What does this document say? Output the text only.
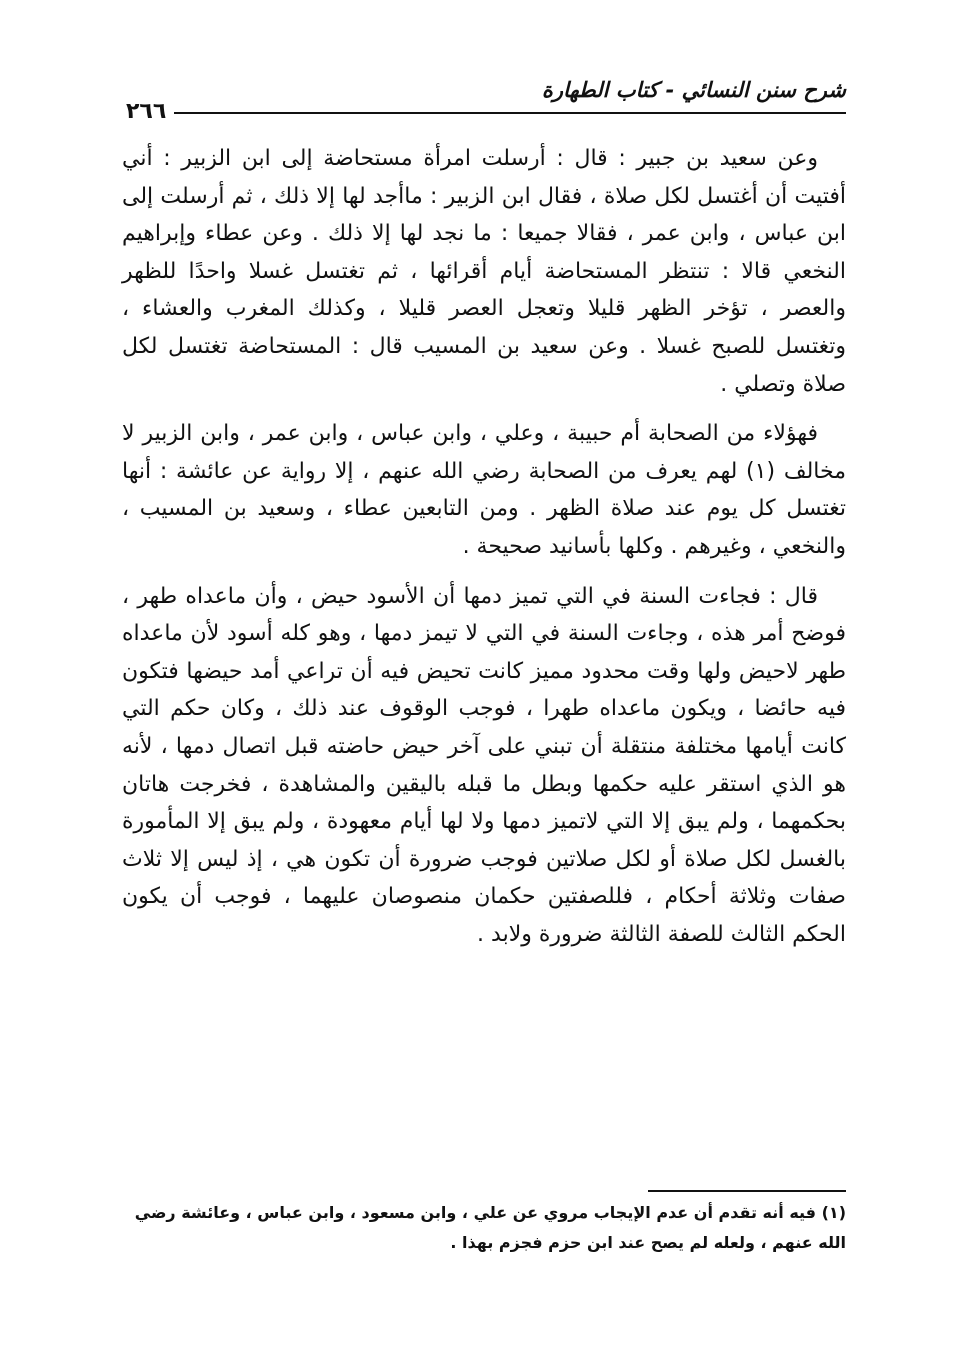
شرح سنن النسائي - كتاب الطهارة
٢٦٦

وعن سعيد بن جبير : قال : أرسلت امرأة مستحاضة إلى ابن الزبير : أني أفتيت أن أغتسل لكل صلاة ، فقال ابن الزبير : ماأجد لها إلا ذلك ، ثم أرسلت إلى ابن عباس ، وابن عمر ، فقالا جميعا : ما نجد لها إلا ذلك . وعن عطاء وإبراهيم النخعي قالا : تنتظر المستحاضة أيام أقرائها ، ثم تغتسل غسلا واحدًا للظهر والعصر ، تؤخر الظهر قليلا وتعجل العصر قليلا ، وكذلك المغرب والعشاء ، وتغتسل للصبح غسلا . وعن سعيد بن المسيب قال : المستحاضة تغتسل لكل صلاة وتصلي .

فهؤلاء من الصحابة أم حبيبة ، وعلي ، وابن عباس ، وابن عمر ، وابن الزبير لا مخالف (١) لهم يعرف من الصحابة رضي الله عنهم ، إلا رواية عن عائشة : أنها تغتسل كل يوم عند صلاة الظهر . ومن التابعين عطاء ، وسعيد بن المسيب ، والنخعي ، وغيرهم . وكلها بأسانيد صحيحة .

قال : فجاءت السنة في التي تميز دمها أن الأسود حيض ، وأن ماعداه طهر ، فوضح أمر هذه ، وجاءت السنة في التي لا تيمز دمها ، وهو كله أسود لأن ماعداه طهر لاحيض ولها وقت محدود مميز كانت تحيض فيه أن تراعي أمد حيضها فتكون فيه حائضا ، ويكون ماعداه طهرا ، فوجب الوقوف عند ذلك ، وكان حكم التي كانت أيامها مختلفة منتقلة أن تبني على آخر حيض حاضته قبل اتصال دمها ، لأنه هو الذي استقر عليه حكمها وبطل ما قبله باليقين والمشاهدة ، فخرجت هاتان بحكمهما ، ولم يبق إلا التي لاتميز دمها ولا لها أيام معهودة ، ولم يبق إلا المأمورة بالغسل لكل صلاة أو لكل صلاتين فوجب ضرورة أن تكون هي ، إذ ليس إلا ثلاث صفات وثلاثة أحكام ، فللصفتين حكمان منصوصان عليهما ، فوجب أن يكون الحكم الثالث للصفة الثالثة ضرورة ولابد .

(١) فيه أنه تقدم أن عدم الإيجاب مروي عن علي ، وابن مسعود ، وابن عباس ، وعائشة رضي الله عنهم ، ولعله لم يصح عند ابن حزم فجزم بهذا .
